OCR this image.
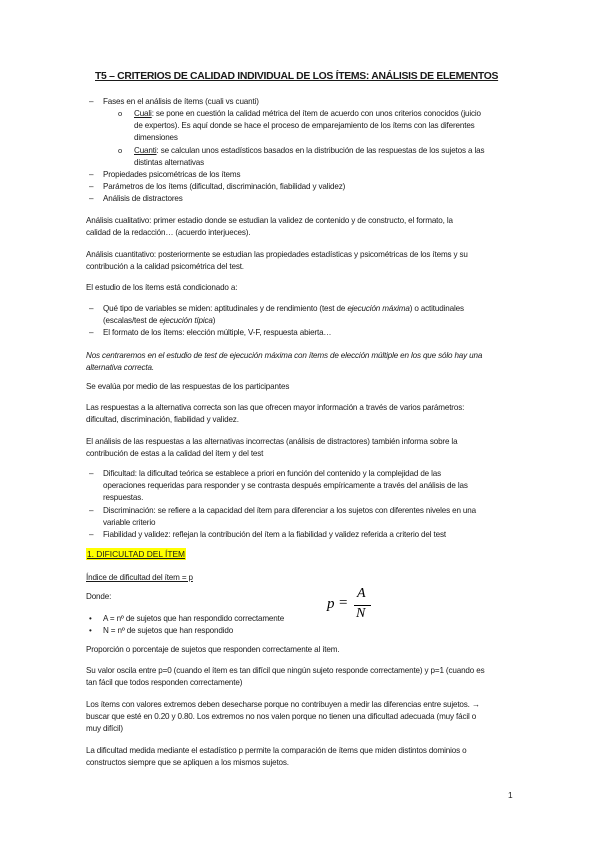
T5 – CRITERIOS DE CALIDAD INDIVIDUAL DE LOS ÍTEMS: ANÁLISIS DE ELEMENTOS
– Fases en el análisis de ítems (cuali vs cuanti)
o Cuali: se pone en cuestión la calidad métrica del ítem de acuerdo con unos criterios conocidos (juicio
de expertos). Es aquí donde se hace el proceso de emparejamiento de los ítems con las diferentes
dimensiones
o Cuanti: se calculan unos estadísticos basados en la distribución de las respuestas de los sujetos a las
distintas alternativas
– Propiedades psicométricas de los ítems
– Parámetros de los ítems (dificultad, discriminación, fiabilidad y validez)
– Análisis de distractores
Análisis cualitativo: primer estadio donde se estudian la validez de contenido y de constructo, el formato, la
calidad de la redacción… (acuerdo interjueces).
Análisis cuantitativo: posteriormente se estudian las propiedades estadísticas y psicométricas de los ítems y su
contribución a la calidad psicométrica del test.
El estudio de los ítems está condicionado a:
– Qué tipo de variables se miden: aptitudinales y de rendimiento (test de ejecución máxima) o actitudinales
(escalas/test de ejecución típica)
– El formato de los ítems: elección múltiple, V-F, respuesta abierta…
Nos centraremos en el estudio de test de ejecución máxima con ítems de elección múltiple en los que sólo hay una
alternativa correcta.
Se evalúa por medio de las respuestas de los participantes
Las respuestas a la alternativa correcta son las que ofrecen mayor información a través de varios parámetros:
dificultad, discriminación, fiabilidad y validez.
El análisis de las respuestas a las alternativas incorrectas (análisis de distractores) también informa sobre la
contribución de estas a la calidad del ítem y del test
– Dificultad: la dificultad teórica se establece a priori en función del contenido y la complejidad de las
operaciones requeridas para responder y se contrasta después empíricamente a través del análisis de las
respuestas.
– Discriminación: se refiere a la capacidad del ítem para diferenciar a los sujetos con diferentes niveles en una
variable criterio
– Fiabilidad y validez: reflejan la contribución del ítem a la fiabilidad y validez referida a criterio del test
1. DIFICULTAD DEL ÍTEM
Índice de dificultad del ítem = p
Donde:
• A = nº de sujetos que han respondido correctamente
• N = nº de sujetos que han respondido
p =
A
N
Proporción o porcentaje de sujetos que responden correctamente al ítem.
Su valor oscila entre p=0 (cuando el ítem es tan difícil que ningún sujeto responde correctamente) y p=1 (cuando es
tan fácil que todos responden correctamente)
Los ítems con valores extremos deben desecharse porque no contribuyen a medir las diferencias entre sujetos. →
buscar que esté en 0.20 y 0.80. Los extremos no nos valen porque no tienen una dificultad adecuada (muy fácil o
muy difícil)
La dificultad medida mediante el estadístico p permite la comparación de ítems que miden distintos dominios o
constructos siempre que se apliquen a los mismos sujetos.
1
